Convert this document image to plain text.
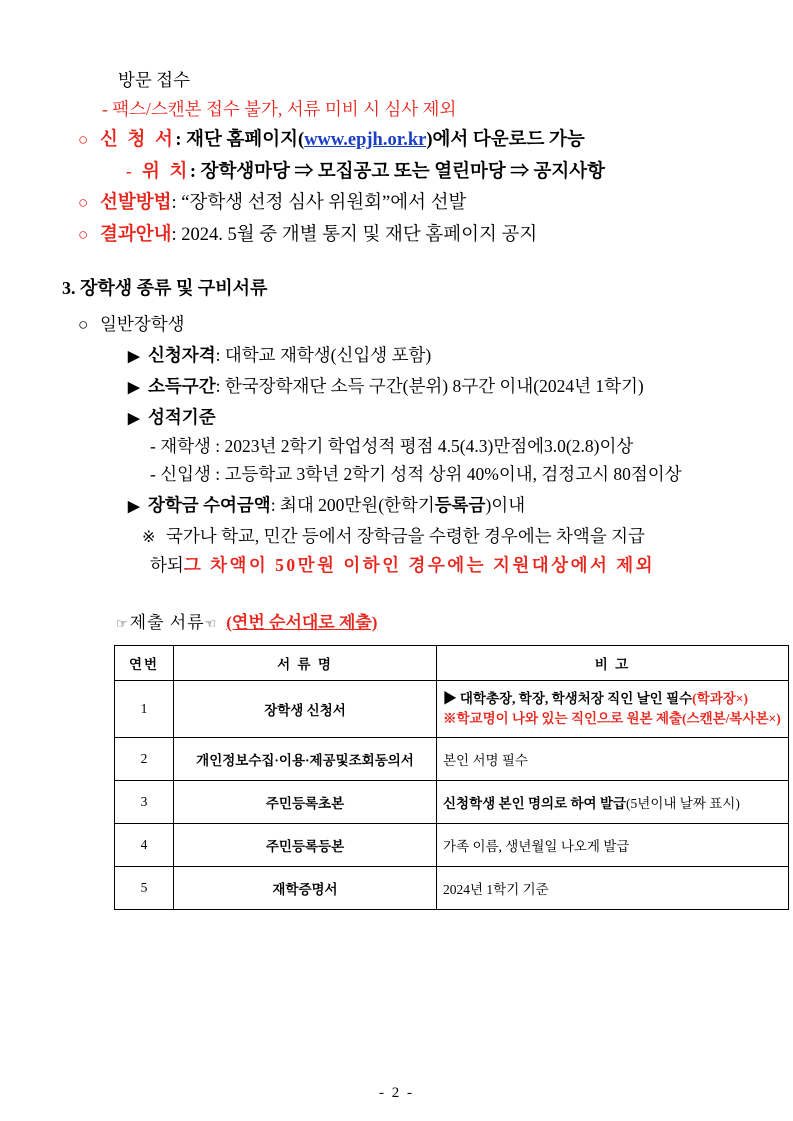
방문 접수
- 팩스/스캔본 접수 불가, 서류 미비 시 심사 제외
○ 신 청 서 : 재단 홈페이지( www.epjh.or.kr )에서 다운로드 가능
- 위 치 : 장학생마당 ⇒ 모집공고 또는 열린마당 ⇒ 공지사항
○ 선발방법 : “장학생 선정 심사 위원회”에서 선발
○ 결과안내 : 2024. 5월 중 개별 통지 및 재단 홈페이지 공지
3. 장학생 종류 및 구비서류
○ 일반장학생
▶ 신청자격 : 대학교 재학생(신입생 포함)
▶ 소득구간 : 한국장학재단 소득 구간(분위) 8구간 이내(2024년 1학기)
▶ 성적기준
- 재학생 : 2023년 2학기 학업성적 평점 4.5(4.3)만점에3.0(2.8)이상
- 신입생 : 고등학교 3학년 2학기 성적 상위 40%이내, 검정고시 80점이상
▶ 장학금 수여금액 : 최대 200만원(한학기 등록금 )이내
※ 국가나 학교, 민간 등에서 장학금을 수령한 경우에는 차액을 지급
하되 그 차액이 50만원 이하인 경우에는 지원대상에서 제외
☞ 제출 서류 ☜ (연번 순서대로 제출)
연번	서 류 명	비 고
1	장학생 신청서	▶ 대학총장, 학장, 학생처장 직인 날인 필수(학과장×)
※학교명이 나와 있는 직인으로 원본 제출(스캔본/복사본×)

2	개인정보수집·이용·제공및조회동의서	본인 서명 필수
3	주민등록초본	신청학생 본인 명의로 하여 발급(5년이내 날짜 표시)
4	주민등록등본	가족 이름, 생년월일 나오게 발급
5	재학증명서	2024년 1학기 기준
- 2 -
